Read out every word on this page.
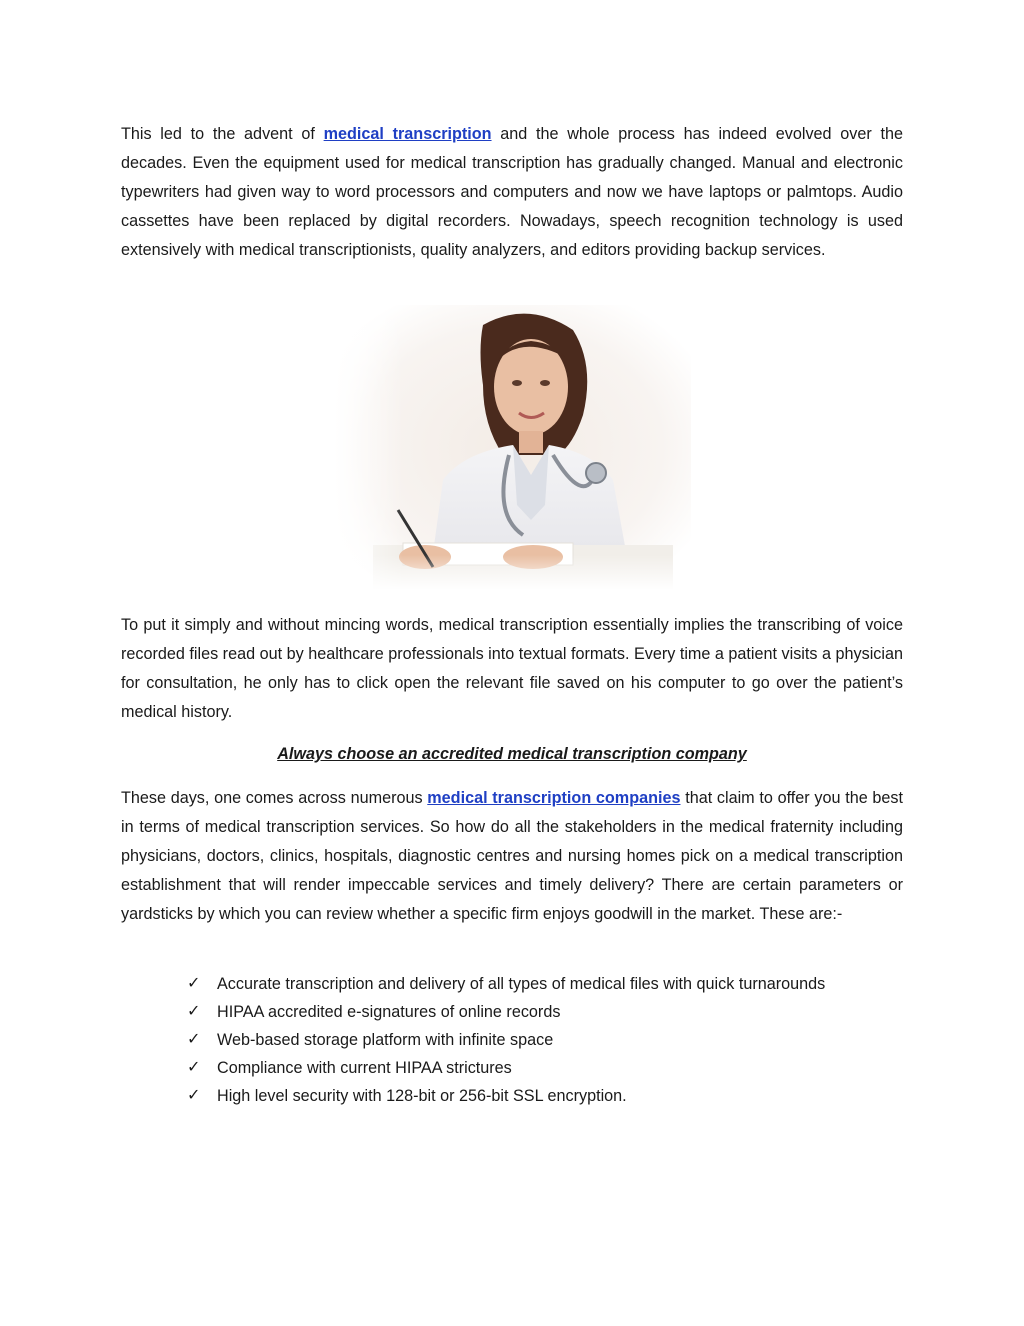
This led to the advent of medical transcription and the whole process has indeed evolved over the decades. Even the equipment used for medical transcription has gradually changed. Manual and electronic typewriters had given way to word processors and computers and now we have laptops or palmtops. Audio cassettes have been replaced by digital recorders. Nowadays, speech recognition technology is used extensively with medical transcriptionists, quality analyzers, and editors providing backup services.

To put it simply and without mincing words, medical transcription essentially implies the transcribing of voice recorded files read out by healthcare professionals into textual formats. Every time a patient visits a physician for consultation, he only has to click open the relevant file saved on his computer to go over the patient’s medical history.

Always choose an accredited medical transcription company

These days, one comes across numerous medical transcription companies that claim to offer you the best in terms of medical transcription services. So how do all the stakeholders in the medical fraternity including physicians, doctors, clinics, hospitals, diagnostic centres and nursing homes pick on a medical transcription establishment that will render impeccable services and timely delivery? There are certain parameters or yardsticks by which you can review whether a specific firm enjoys goodwill in the market. These are:-

✓ Accurate transcription and delivery of all types of medical files with quick turnarounds
✓ HIPAA accredited e-signatures of online records
✓ Web-based storage platform with infinite space
✓ Compliance with current HIPAA strictures
✓ High level security with 128-bit or 256-bit SSL encryption.
